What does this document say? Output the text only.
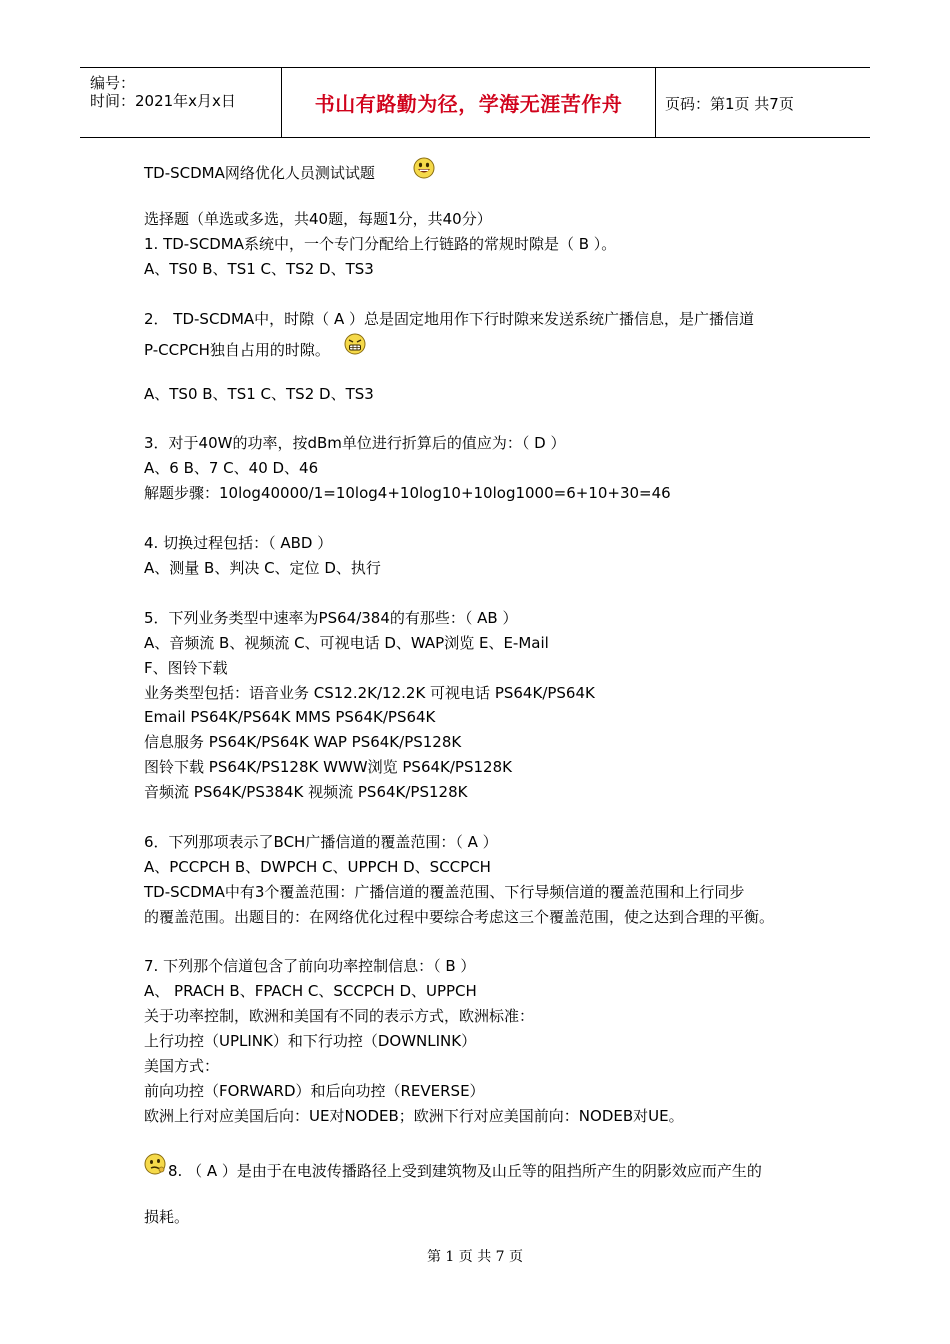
编号：
时间：2021年x月x日	书山有路勤为径，学海无涯苦作舟	页码：第1页 共7页
TD-SCDMA网络优化人员测试试题
选择题（单选或多选，共40题，每题1分，共40分）
1. TD-SCDMA系统中，一个专门分配给上行链路的常规时隙是（ B ）。
A、TS0 B、TS1 C、TS2 D、TS3
2． TD-SCDMA中，时隙（ A ）总是固定地用作下行时隙来发送系统广播信息，是广播信道
P-CCPCH独自占用的时隙。
A、TS0 B、TS1 C、TS2 D、TS3
3．对于40W的功率，按dBm单位进行折算后的值应为：（ D ）
A、6 B、7 C、40 D、46
解题步骤：10log40000/1=10log4+10log10+10log1000=6+10+30=46
4. 切换过程包括：（ ABD ）
A、测量 B、判决 C、定位 D、执行
5．下列业务类型中速率为PS64/384的有那些：（ AB ）
A、音频流 B、视频流 C、可视电话 D、WAP浏览 E、E-Mail
F、图铃下载
业务类型包括：语音业务 CS12.2K/12.2K 可视电话 PS64K/PS64K
Email PS64K/PS64K MMS PS64K/PS64K
信息服务 PS64K/PS64K WAP PS64K/PS128K
图铃下载 PS64K/PS128K WWW浏览 PS64K/PS128K
音频流 PS64K/PS384K 视频流 PS64K/PS128K
6．下列那项表示了BCH广播信道的覆盖范围：（ A ）
A、PCCPCH B、DWPCH C、UPPCH D、SCCPCH
TD-SCDMA中有3个覆盖范围：广播信道的覆盖范围、下行导频信道的覆盖范围和上行同步
的覆盖范围。出题目的：在网络优化过程中要综合考虑这三个覆盖范围，使之达到合理的平衡。
7. 下列那个信道包含了前向功率控制信息：（ B ）
A、 PRACH B、FPACH C、SCCPCH D、UPPCH
关于功率控制，欧洲和美国有不同的表示方式，欧洲标准：
上行功控（UPLINK）和下行功控（DOWNLINK）
美国方式：
前向功控（FORWARD）和后向功控（REVERSE）
欧洲上行对应美国后向：UE对NODEB；欧洲下行对应美国前向：NODEB对UE。
8. （ A ）是由于在电波传播路径上受到建筑物及山丘等的阻挡所产生的阴影效应而产生的
损耗。
第 1 页 共 7 页
